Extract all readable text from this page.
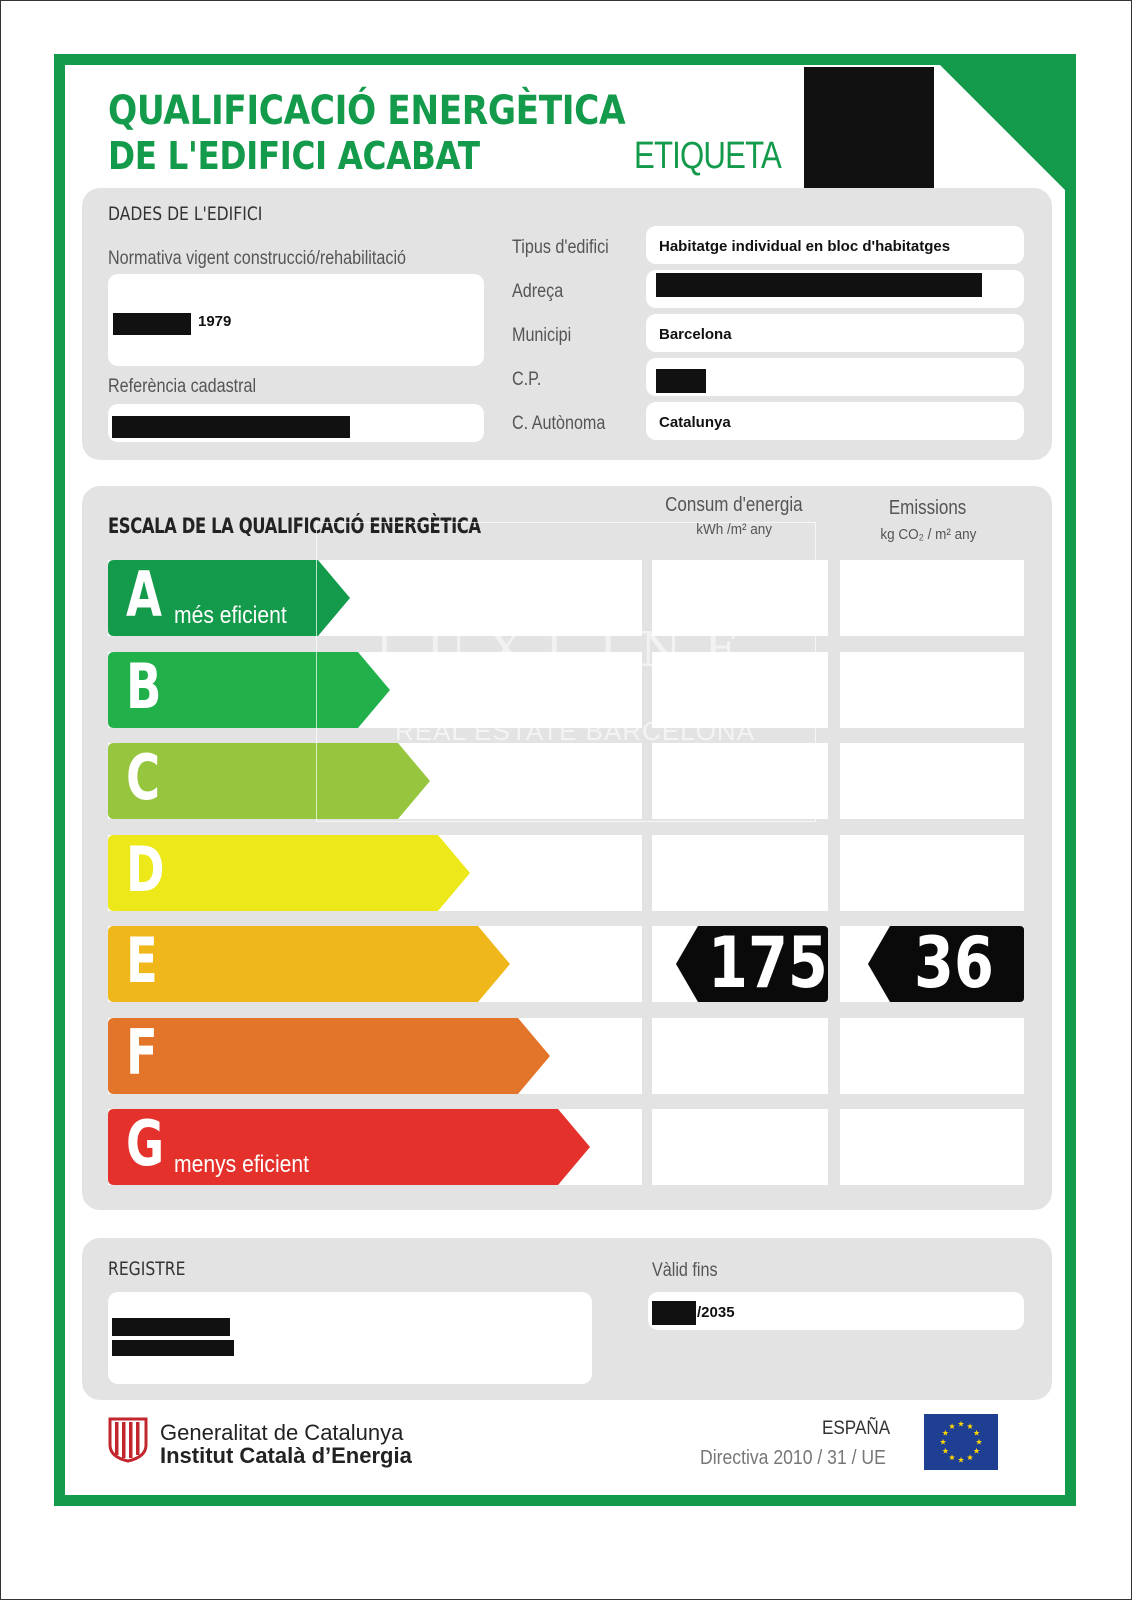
QUALIFICACIÓ ENERGÈTICA
DE L'EDIFICI ACABAT	ETIQUETA
DADES DE L'EDIFICI
Normativa vigent construcció/rehabilitació
1979
Referència cadastral
Tipus d'edifici	Habitatge individual en bloc d'habitatges
Adreça
Municipi	Barcelona
C.P.
C. Autònoma	Catalunya
ESCALA DE LA QUALIFICACIÓ ENERGÈTICA
Consum d'energia
kWh /m² any
Emissions
kg CO₂ / m² any
A més eficient
B
C
D
E	175 36
F
G menys eficient
LUXLINE
REAL ESTATE BARCELONA
REGISTRE	Vàlid fins
/2035
Generalitat de Catalunya
Institut Català d’Energia
ESPAÑA
Directiva 2010 / 31 / UE
